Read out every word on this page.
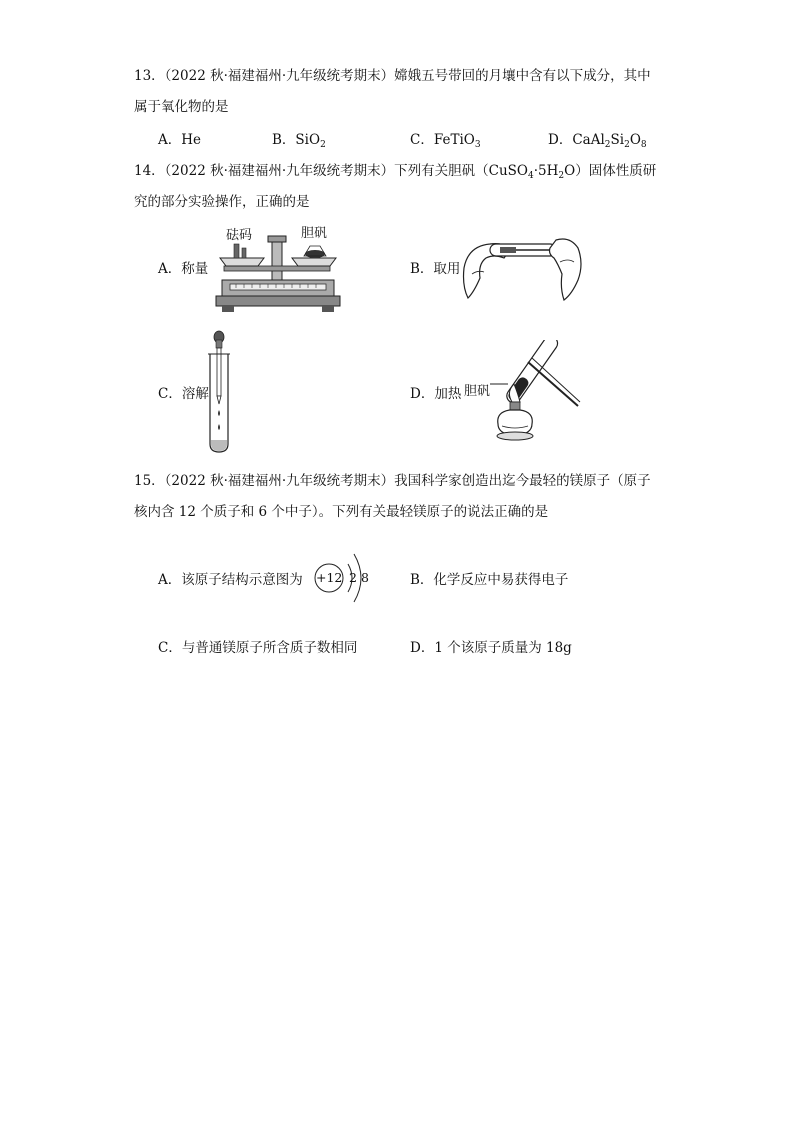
13．（2022 秋·福建福州·九年级统考期末）嫦娥五号带回的月壤中含有以下成分，其中
属于氧化物的是
A．He	B．SiO$_2$	C．FeTiO$_3$	D．$CaAl_2Si_2O_8$
14．（2022 秋·福建福州·九年级统考期末）下列有关胆矾$(CuSO_4\cdot 5H_2O)$固体性质研
究的部分实验操作，正确的是
A．称量
砝码	胆矾
B．取用
C．溶解	D．加热 胆矾
15．（2022 秋·福建福州·九年级统考期末）我国科学家创造出迄今最轻的镁原子（原子
核内含 12 个质子和 6 个中子）。下列有关最轻镁原子的说法正确的是
A．该原子结构示意图为 +12 2 8	B．化学反应中易获得电子
C．与普通镁原子所含质子数相同	D．1 个该原子质量为 18g
